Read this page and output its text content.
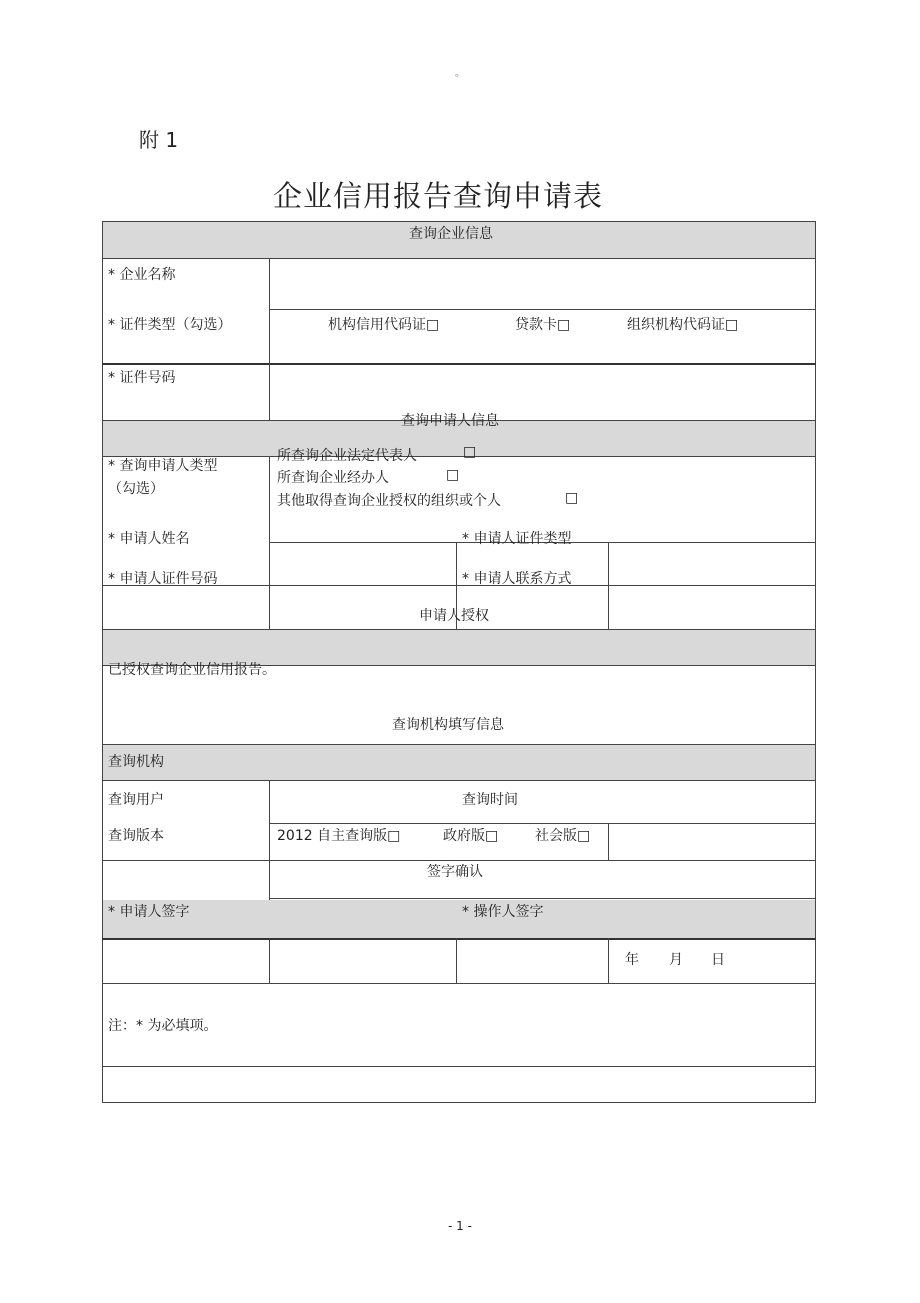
。
附 1
企业信用报告查询申请表
查询企业信息
* 企业名称
* 证件类型（勾选）	机构信用代码证□	贷款卡□	组织机构代码证□
* 证件号码
查询申请人信息
* 查询申请人类型
（勾选）
所查询企业法定代表人	□
所查询企业经办人	□
其他取得查询企业授权的组织或个人	□
* 申请人姓名	* 申请人证件类型
* 申请人证件号码	* 申请人联系方式
申请人授权
已授权查询企业信用报告。
查询机构填写信息
查询机构
查询用户	查询时间
查询版本	2012 自主查询版□	政府版□	社会版□
签字确认
* 申请人签字	* 操作人签字
年 月 日
注：* 为必填项。
- 1 -
